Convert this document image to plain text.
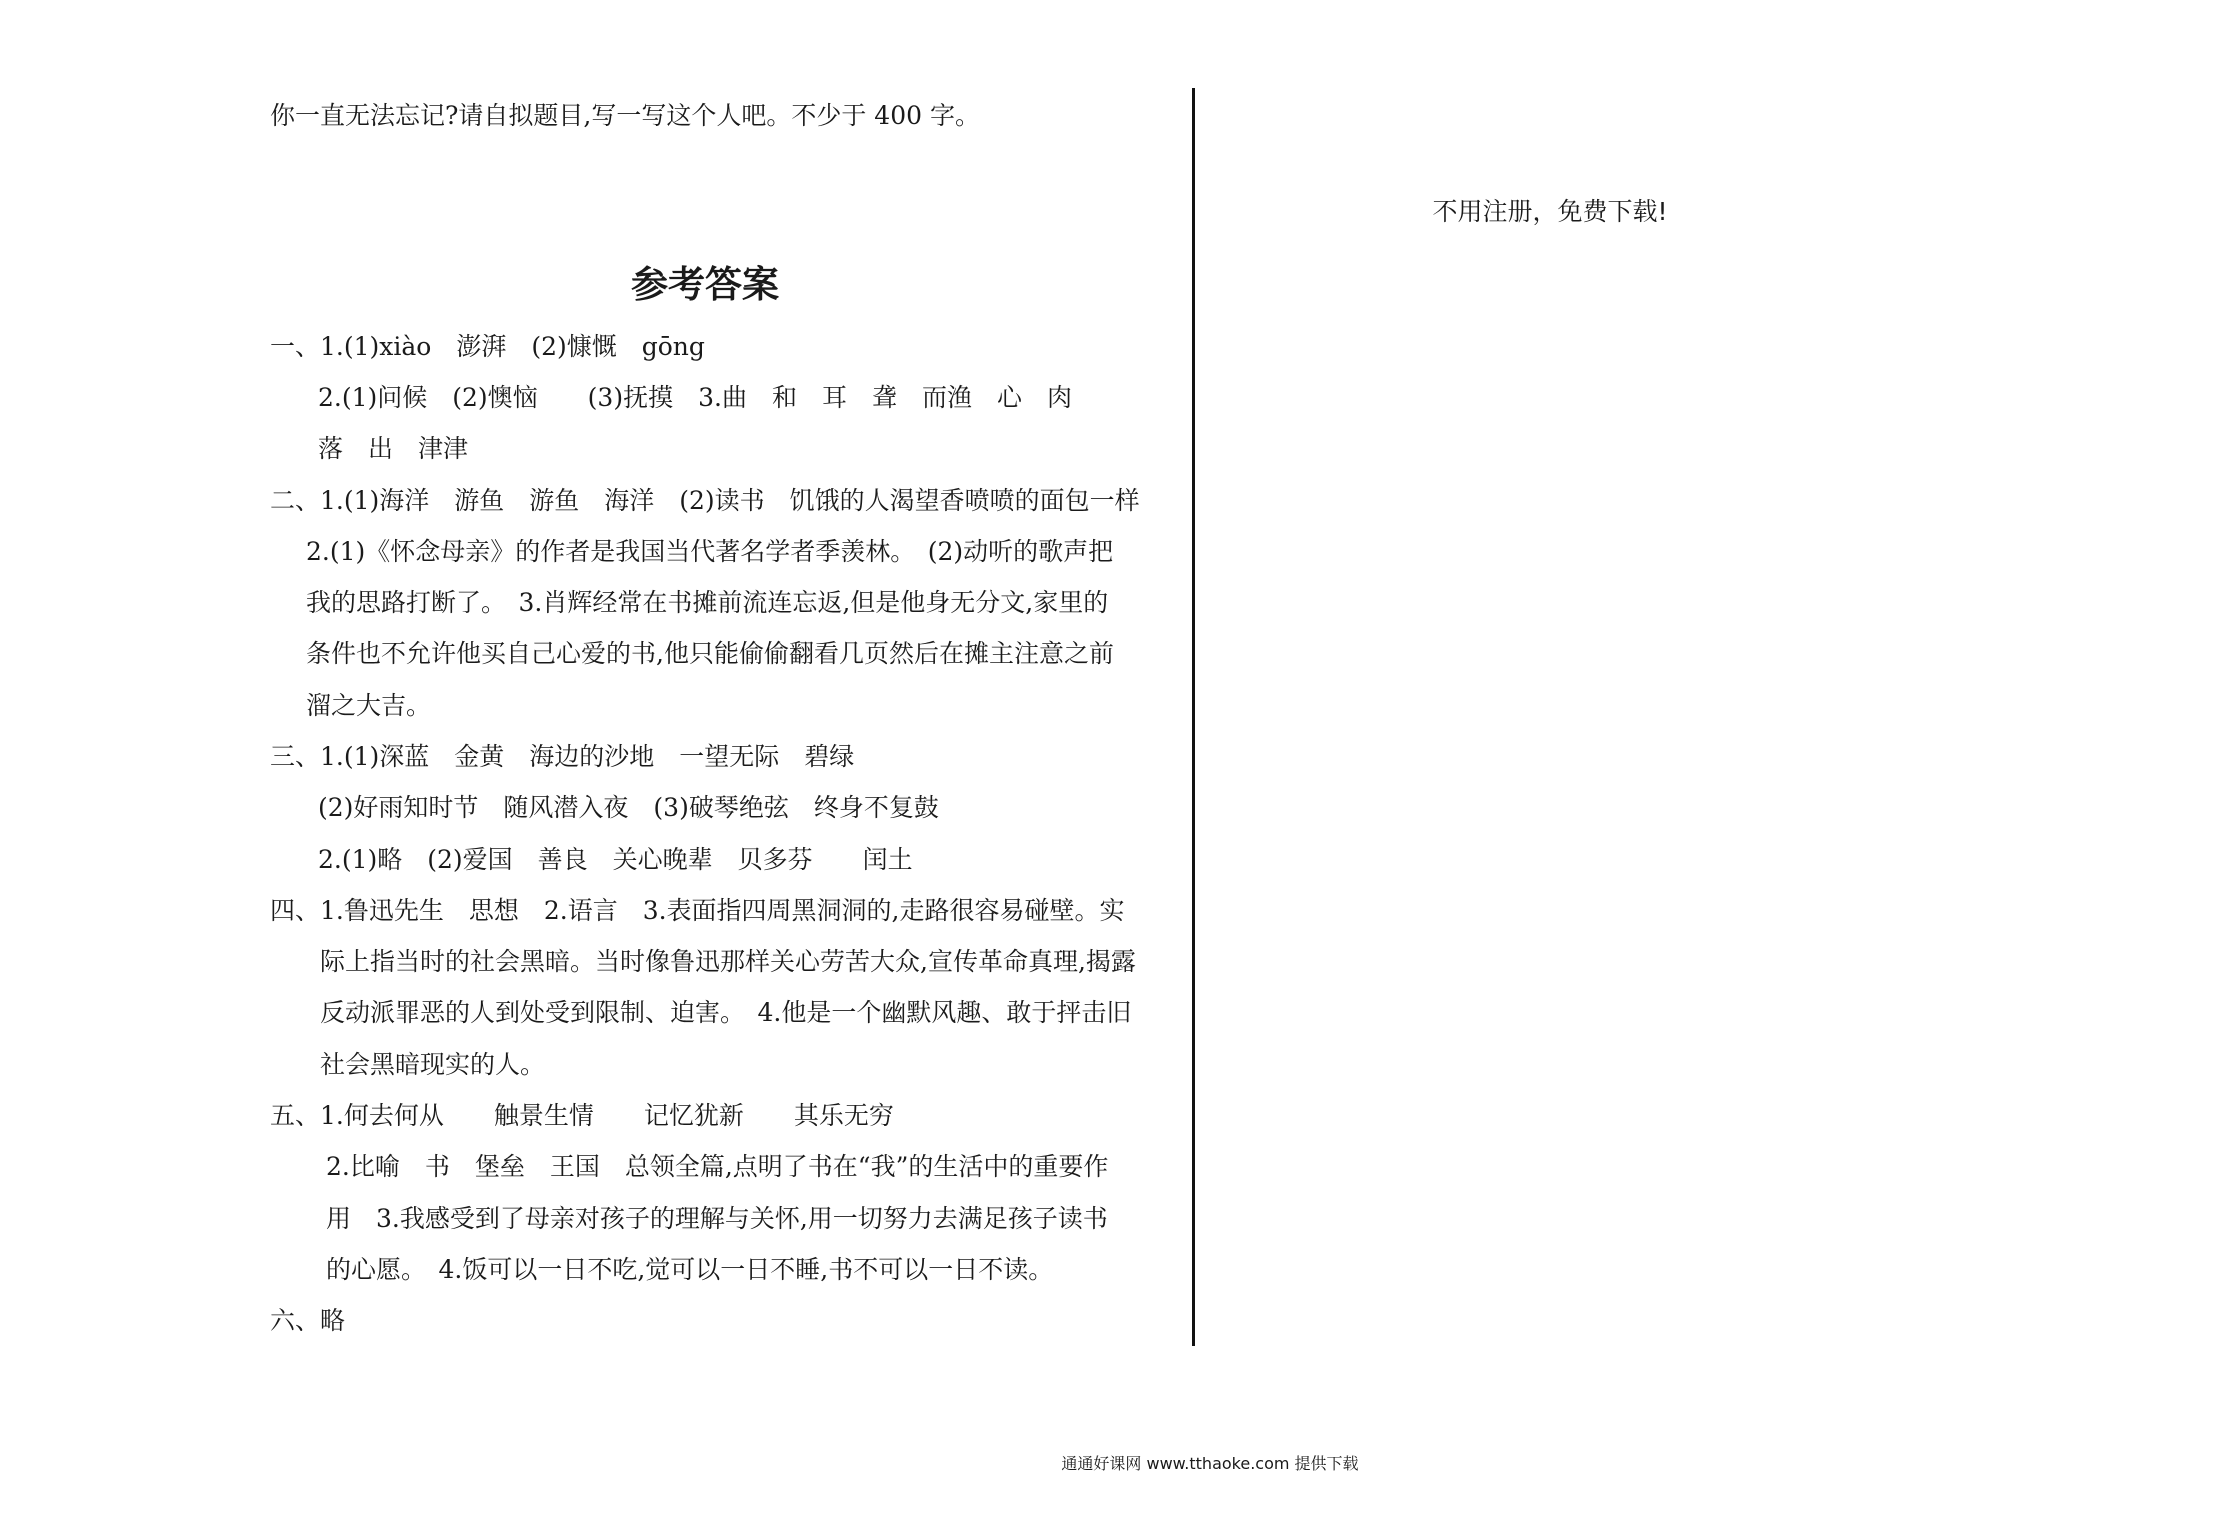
你一直无法忘记?请自拟题目,写一写这个人吧。不少于 400 字。
参考答案
一、1.(1)xiào　澎湃　(2)慷慨　gōng
2.(1)问候　(2)懊恼　　(3)抚摸　3.曲　和　耳　聋　而渔　心　肉
落　出　津津
二、1.(1)海洋　游鱼　游鱼　海洋　(2)读书　饥饿的人渴望香喷喷的面包一样
2.(1)《怀念母亲》的作者是我国当代著名学者季羡林。　(2)动听的歌声把
我的思路打断了。　3.肖辉经常在书摊前流连忘返,但是他身无分文,家里的
条件也不允许他买自己心爱的书,他只能偷偷翻看几页然后在摊主注意之前
溜之大吉。
三、1.(1)深蓝　金黄　海边的沙地　一望无际　碧绿
(2)好雨知时节　随风潜入夜　(3)破琴绝弦　终身不复鼓
2.(1)略　(2)爱国　善良　关心晚辈　贝多芬　　闰土
四、1.鲁迅先生　思想　2.语言　3.表面指四周黑洞洞的,走路很容易碰壁。实
际上指当时的社会黑暗。当时像鲁迅那样关心劳苦大众,宣传革命真理,揭露
反动派罪恶的人到处受到限制、迫害。　4.他是一个幽默风趣、敢于抨击旧
社会黑暗现实的人。
五、1.何去何从　　触景生情　　记忆犹新　　其乐无穷
2.比喻　书　堡垒　王国　总领全篇,点明了书在“我”的生活中的重要作
用　3.我感受到了母亲对孩子的理解与关怀,用一切努力去满足孩子读书
的心愿。　4.饭可以一日不吃,觉可以一日不睡,书不可以一日不读。
六、略
不用注册，免费下载!
通通好课网 www.tthaoke.com 提供下载
